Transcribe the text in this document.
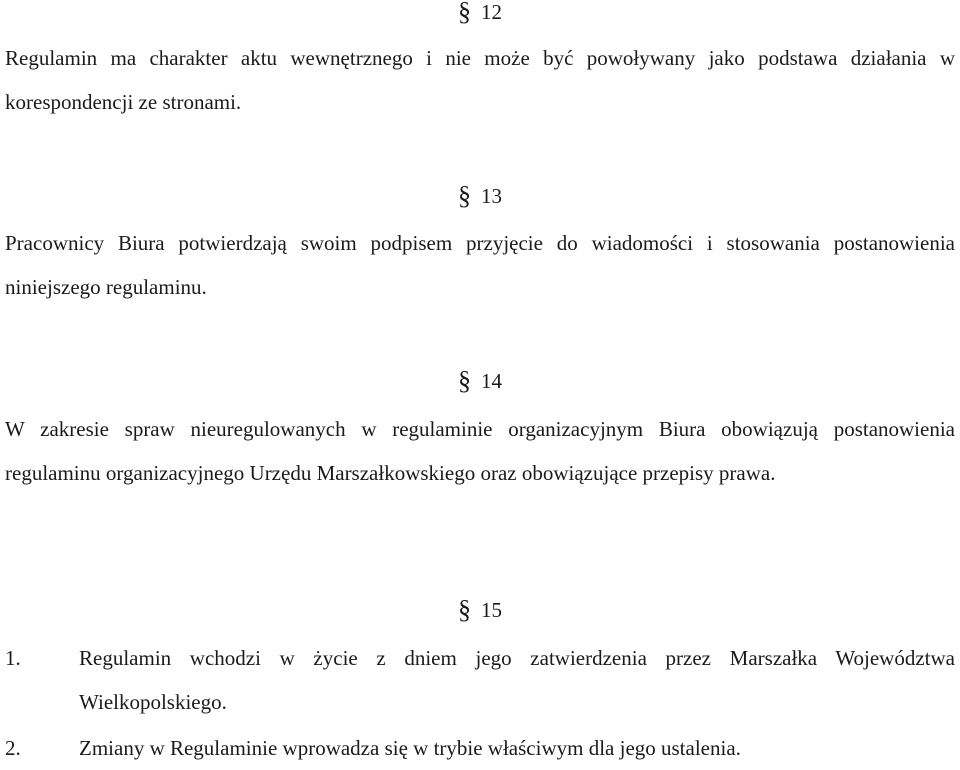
§ 12

Regulamin ma charakter aktu wewnętrznego i nie może być powoływany jako podstawa działania w korespondencji ze stronami.

§ 13

Pracownicy Biura potwierdzają swoim podpisem przyjęcie do wiadomości i stosowania postanowienia niniejszego regulaminu.

§ 14

W zakresie spraw nieuregulowanych w regulaminie organizacyjnym Biura obowiązują postanowienia regulaminu organizacyjnego Urzędu Marszałkowskiego oraz obowiązujące przepisy prawa.

§ 15
1.	Regulamin wchodzi w życie z dniem jego zatwierdzenia przez Marszałka Województwa Wielkopolskiego.
2.	Zmiany w Regulaminie wprowadza się w trybie właściwym dla jego ustalenia.
